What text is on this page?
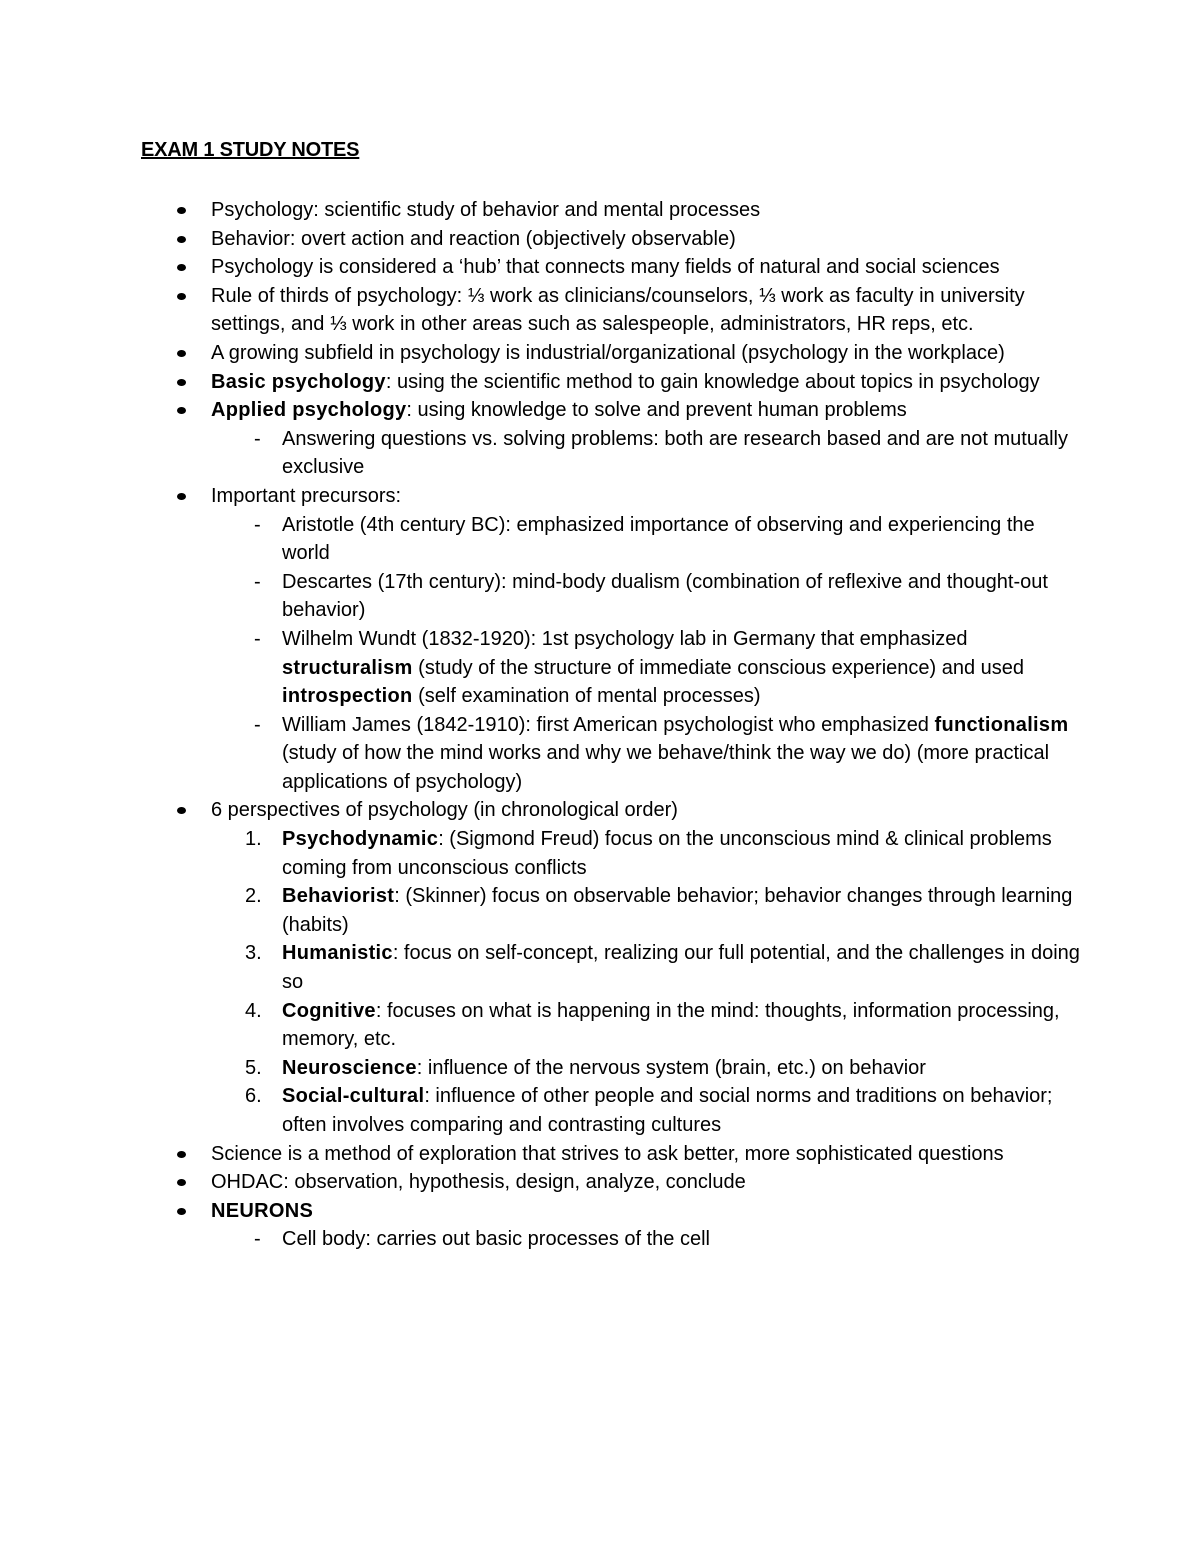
EXAM 1 STUDY NOTES
Psychology: scientific study of behavior and mental processes
Behavior: overt action and reaction (objectively observable)
Psychology is considered a ‘hub’ that connects many fields of natural and social sciences
Rule of thirds of psychology: ⅓ work as clinicians/counselors, ⅓ work as faculty in university settings, and ⅓ work in other areas such as salespeople, administrators, HR reps, etc.
A growing subfield in psychology is industrial/organizational (psychology in the workplace)
Basic psychology: using the scientific method to gain knowledge about topics in psychology
Applied psychology: using knowledge to solve and prevent human problems
- Answering questions vs. solving problems: both are research based and are not mutually exclusive
Important precursors:
- Aristotle (4th century BC): emphasized importance of observing and experiencing the world
- Descartes (17th century): mind-body dualism (combination of reflexive and thought-out behavior)
- Wilhelm Wundt (1832-1920): 1st psychology lab in Germany that emphasized structuralism (study of the structure of immediate conscious experience) and used introspection (self examination of mental processes)
- William James (1842-1910): first American psychologist who emphasized functionalism (study of how the mind works and why we behave/think the way we do) (more practical applications of psychology)
6 perspectives of psychology (in chronological order)
1. Psychodynamic: (Sigmond Freud) focus on the unconscious mind & clinical problems coming from unconscious conflicts
2. Behaviorist: (Skinner) focus on observable behavior; behavior changes through learning (habits)
3. Humanistic: focus on self-concept, realizing our full potential, and the challenges in doing so
4. Cognitive: focuses on what is happening in the mind: thoughts, information processing, memory, etc.
5. Neuroscience: influence of the nervous system (brain, etc.) on behavior
6. Social-cultural: influence of other people and social norms and traditions on behavior; often involves comparing and contrasting cultures
Science is a method of exploration that strives to ask better, more sophisticated questions
OHDAC: observation, hypothesis, design, analyze, conclude
NEURONS
- Cell body: carries out basic processes of the cell
